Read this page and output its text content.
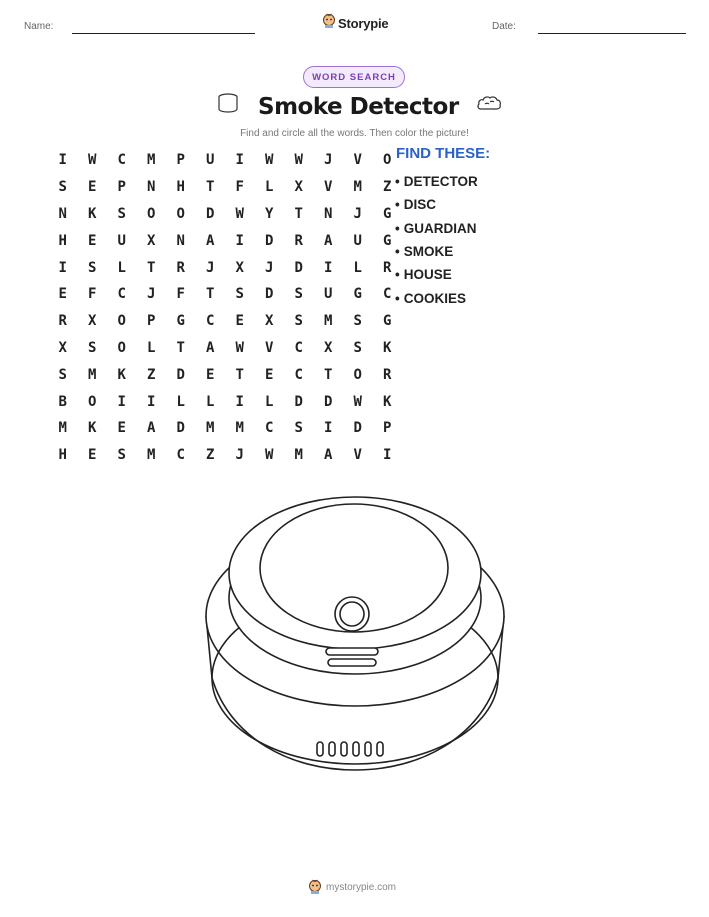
Name:	Storypie	Date:
WORD SEARCH
Smoke Detector
Find and circle all the words. Then color the picture!
I	W	C	M	P	U	I	W	W	J	V	O
S	E	P	N	H	T	F	L	X	V	M	Z
N	K	S	O	O	D	W	Y	T	N	J	G
H	E	U	X	N	A	I	D	R	A	U	G
I	S	L	T	R	J	X	J	D	I	L	R
E	F	C	J	F	T	S	D	S	U	G	C
R	X	O	P	G	C	E	X	S	M	S	G
X	S	O	L	T	A	W	V	C	X	S	K
S	M	K	Z	D	E	T	E	C	T	O	R
B	O	I	I	L	L	I	L	D	D	W	K
M	K	E	A	D	M	M	C	S	I	D	P
H	E	S	M	C	Z	J	W	M	A	V	I
FIND THESE:
• DETECTOR
• DISC
• GUARDIAN
• SMOKE
• HOUSE
• COOKIES
mystorypie.com
